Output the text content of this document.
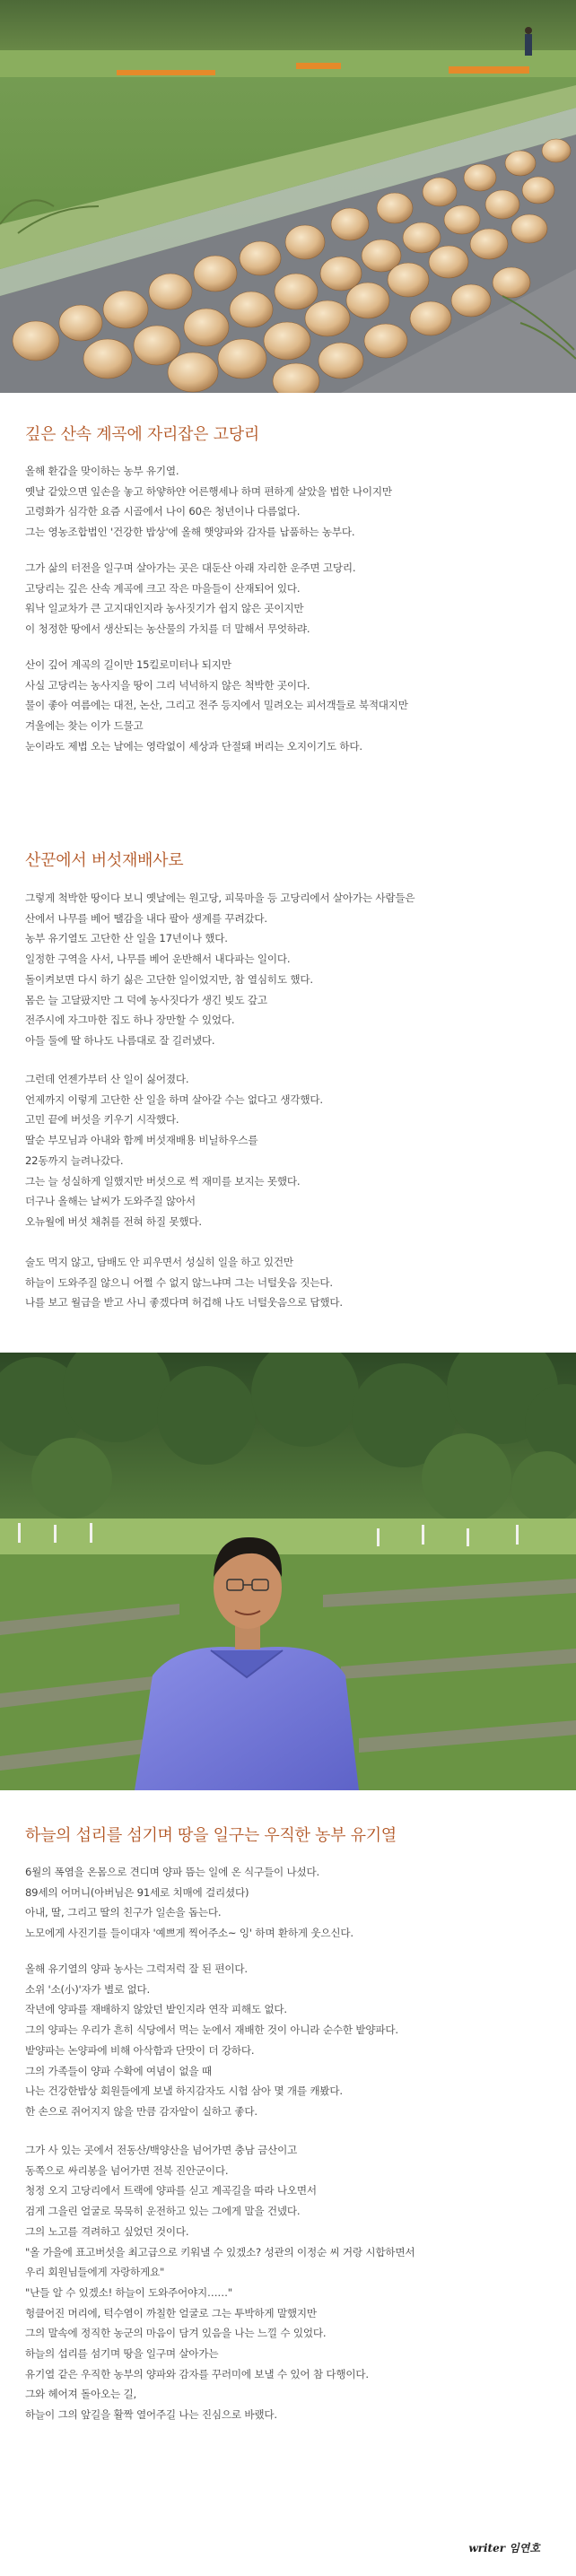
깊은 산속 계곡에 자리잡은 고당리
올해 환갑을 맞이하는 농부 유기열.
옛날 같았으면 잎손을 놓고 하얗하얀 어른행세나 하며 편하게 살았을 법한 나이지만
고령화가 심각한 요즘 시골에서 나이 60은 청년이나 다름없다.
그는 영농조합법인 '건강한 밥상'에 올해 햇양파와 감자를 납품하는 농부다.
그가 삶의 터전을 일구며 살아가는 곳은 대둔산 아래 자리한 운주면 고당리.
고당리는 깊은 산속 계곡에 크고 작은 마을들이 산재되어 있다.
워낙 일교차가 큰 고지대인지라 농사짓기가 쉽지 않은 곳이지만
이 청정한 땅에서 생산되는 농산물의 가치를 더 말해서 무엇하랴.
산이 깊어 계곡의 길이만 15킬로미터나 되지만
사실 고당리는 농사지을 땅이 그리 넉넉하지 않은 척박한 곳이다.
물이 좋아 여름에는 대전, 논산, 그리고 전주 등지에서 밀려오는 피서객들로 북적대지만
겨울에는 찾는 이가 드물고
눈이라도 제법 오는 날에는 영락없이 세상과 단절돼 버리는 오지이기도 하다.
산꾼에서 버섯재배사로
그렇게 척박한 땅이다 보니 옛날에는 원고당, 피묵마을 등 고당리에서 살아가는 사람들은
산에서 나무를 베어 땔감을 내다 팔아 생계를 꾸려갔다.
농부 유기열도 고단한 산 일을 17년이나 했다.
일정한 구역을 사서, 나무를 베어 운반해서 내다파는 일이다.
돌이켜보면 다시 하기 싫은 고단한 일이었지만, 참 열심히도 했다.
몸은 늘 고달팠지만 그 덕에 농사짓다가 생긴 빚도 갚고
전주시에 자그마한 집도 하나 장만할 수 있었다.
아들 둘에 딸 하나도 나름대로 잘 길러냈다.
그런데 언젠가부터 산 일이 싫어졌다.
언제까지 이렇게 고단한 산 일을 하며 살아갈 수는 없다고 생각했다.
고민 끝에 버섯을 키우기 시작했다.
딸순 부모님과 아내와 함께 버섯재배용 비닐하우스를
22동까지 늘려나갔다.
그는 늘 성실하게 일했지만 버섯으로 썩 재미를 보지는 못했다.
더구나 올해는 날씨가 도와주질 않아서
오뉴월에 버섯 채취를 전혀 하질 못했다.
술도 먹지 않고, 담배도 안 피우면서 성실히 일을 하고 있건만
하늘이 도와주질 않으니 어쩔 수 없지 않느냐며 그는 너털웃음 짓는다.
나를 보고 월급을 받고 사니 좋겠다며 허겁해 나도 너털웃음으로 답했다.
하늘의 섭리를 섬기며 땅을 일구는 우직한 농부 유기열
6월의 폭염을 온몸으로 견디며 양파 뜸는 일에 온 식구들이 나섰다.
89세의 어머니(아버님은 91세로 치매에 걸리셨다)
아내, 딸, 그리고 딸의 친구가 일손을 돕는다.
노모에게 사진기를 들이대자 '예쁘게 찍어주소~ 잉' 하며 환하게 웃으신다.
올해 유기열의 양파 농사는 그럭저럭 잘 된 편이다.
소위 '소(小)'자가 별로 없다.
작년에 양파를 재배하지 않았던 밭인지라 연작 피해도 없다.
그의 양파는 우리가 흔히 식당에서 먹는 눈에서 재배한 것이 아니라 순수한 밭양파다.
밭양파는 논양파에 비해 아삭함과 단맛이 더 강하다.
그의 가족들이 양파 수확에 여념이 없을 때
나는 건강한밥상 회원들에게 보낼 하지감자도 시험 삼아 몇 개를 캐봤다.
한 손으로 쥐어지지 않을 만큼 감자알이 실하고 좋다.
그가 사 있는 곳에서 전동산/백양산을 넘어가면 충남 금산이고
동쪽으로 싸리봉을 넘어가면 전북 진안군이다.
청정 오지 고당리에서 트랙에 양파를 싣고 계곡길을 따라 나오면서
검게 그을린 얼굴로 묵묵히 운전하고 있는 그에게 말을 건넸다.
그의 노고를 격려하고 싶었던 것이다.
"올 가을에 표고버섯을 최고급으로 키워낼 수 있겠소? 성관의 이정순 씨 거랑 시합하면서
우리 회원님들에게 자랑하게요"
"난들 알 수 있겠소! 하늘이 도와주어야지……"
헝클어진 머리에, 턱수염이 까칠한 얼굴로 그는 투박하게 말했지만
그의 말속에 정직한 농군의 마음이 담겨 있음을 나는 느낄 수 있었다.
하늘의 섭리를 섬기며 땅을 일구며 살아가는
유기열 같은 우직한 농부의 양파와 감자를 꾸러미에 보낼 수 있어 참 다행이다.
그와 헤어져 돌아오는 길,
하늘이 그의 앞길을 활짝 열어주길 나는 진심으로 바랬다.
writer 임연호
